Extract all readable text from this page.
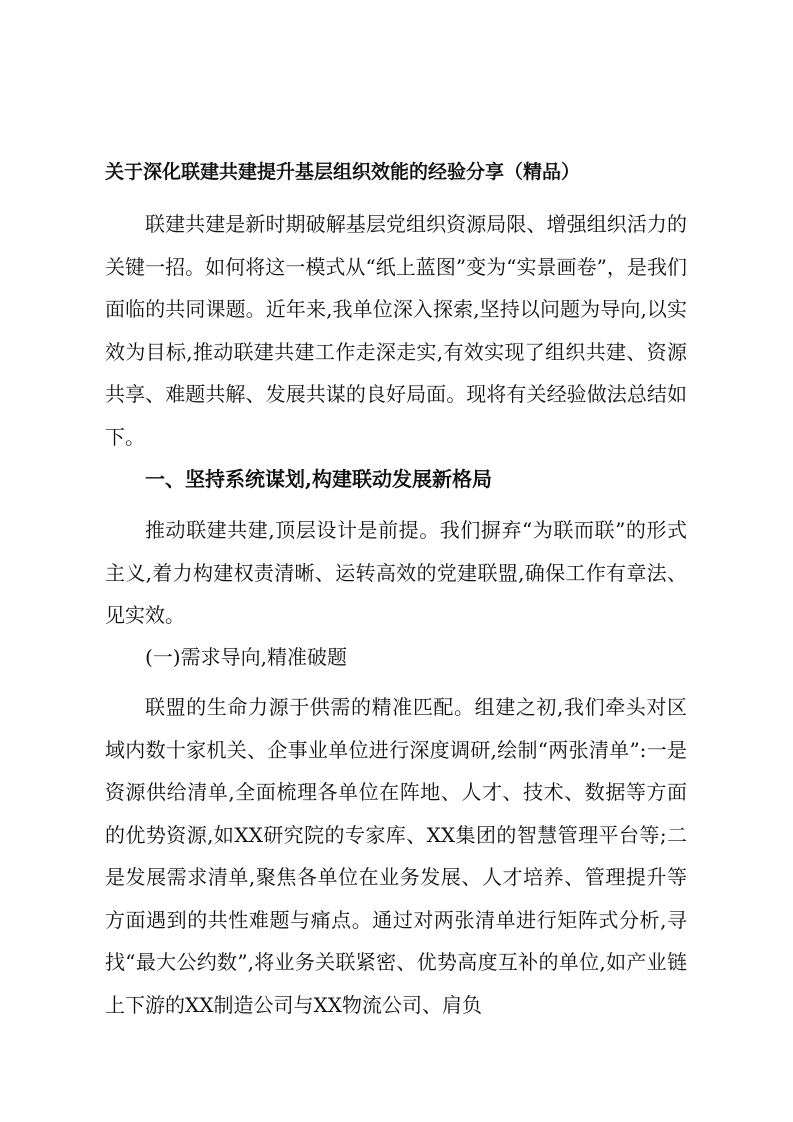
关于深化联建共建提升基层组织效能的经验分享（精品）

联建共建是新时期破解基层党组织资源局限、增强组织活力的关键一招。如何将这一模式从“纸上蓝图”变为“实景画卷”，是我们面临的共同课题。近年来,我单位深入探索,坚持以问题为导向,以实效为目标,推动联建共建工作走深走实,有效实现了组织共建、资源共享、难题共解、发展共谋的良好局面。现将有关经验做法总结如下。

一、坚持系统谋划,构建联动发展新格局

推动联建共建,顶层设计是前提。我们摒弃“为联而联”的形式主义,着力构建权责清晰、运转高效的党建联盟,确保工作有章法、见实效。

(一)需求导向,精准破题

联盟的生命力源于供需的精准匹配。组建之初,我们牵头对区域内数十家机关、企事业单位进行深度调研,绘制“两张清单”:一是资源供给清单,全面梳理各单位在阵地、人才、技术、数据等方面的优势资源,如XX研究院的专家库、XX集团的智慧管理平台等;二是发展需求清单,聚焦各单位在业务发展、人才培养、管理提升等方面遇到的共性难题与痛点。通过对两张清单进行矩阵式分析,寻找“最大公约数”,将业务关联紧密、优势高度互补的单位,如产业链上下游的XX制造公司与XX物流公司、肩负
